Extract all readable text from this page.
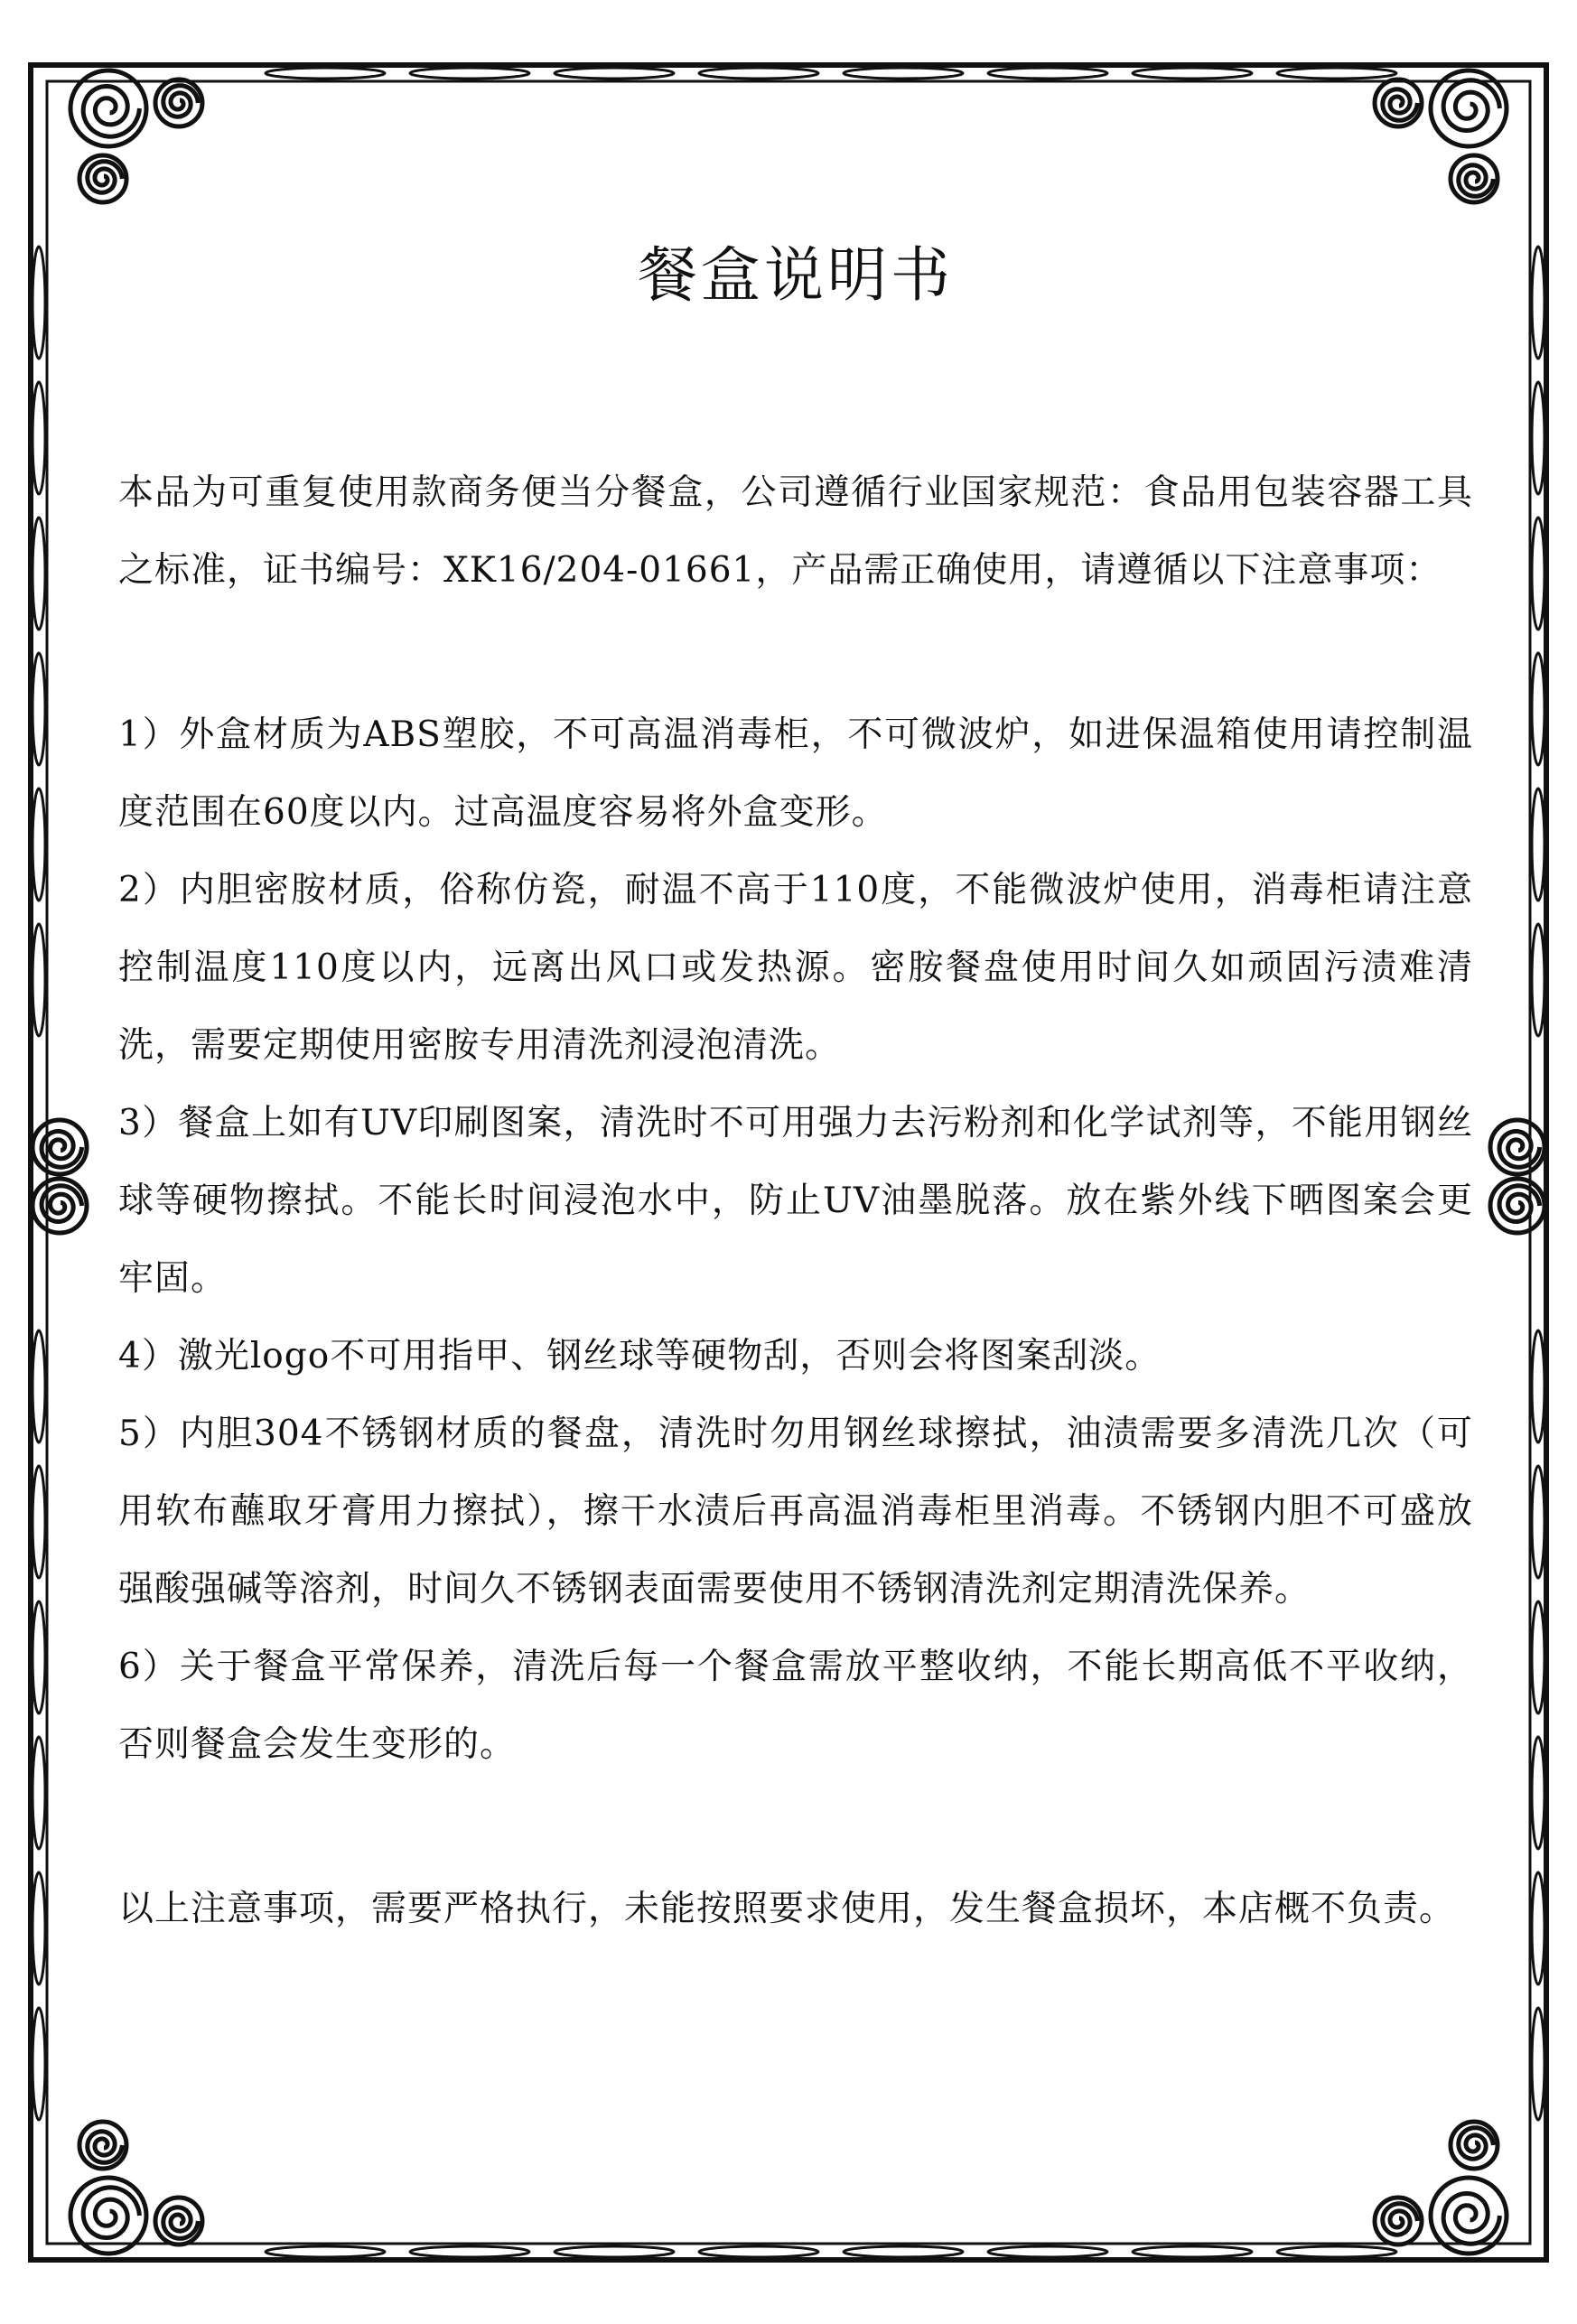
餐盒说明书

本品为可重复使用款商务便当分餐盒，公司遵循行业国家规范：食品用包装容器工具之标准，证书编号：XK16/204-01661，产品需正确使用，请遵循以下注意事项：

1）外盒材质为ABS塑胶，不可高温消毒柜，不可微波炉，如进保温箱使用请控制温度范围在60度以内。过高温度容易将外盒变形。

2）内胆密胺材质，俗称仿瓷，耐温不高于110度，不能微波炉使用，消毒柜请注意控制温度110度以内，远离出风口或发热源。密胺餐盘使用时间久如顽固污渍难清洗，需要定期使用密胺专用清洗剂浸泡清洗。

3）餐盒上如有UV印刷图案，清洗时不可用强力去污粉剂和化学试剂等，不能用钢丝球等硬物擦拭。不能长时间浸泡水中，防止UV油墨脱落。放在紫外线下晒图案会更牢固。

4）激光logo不可用指甲、钢丝球等硬物刮，否则会将图案刮淡。

5）内胆304不锈钢材质的餐盘，清洗时勿用钢丝球擦拭，油渍需要多清洗几次（可用软布蘸取牙膏用力擦拭），擦干水渍后再高温消毒柜里消毒。不锈钢内胆不可盛放强酸强碱等溶剂，时间久不锈钢表面需要使用不锈钢清洗剂定期清洗保养。

6）关于餐盒平常保养，清洗后每一个餐盒需放平整收纳，不能长期高低不平收纳，否则餐盒会发生变形的。

以上注意事项，需要严格执行，未能按照要求使用，发生餐盒损坏，本店概不负责。
